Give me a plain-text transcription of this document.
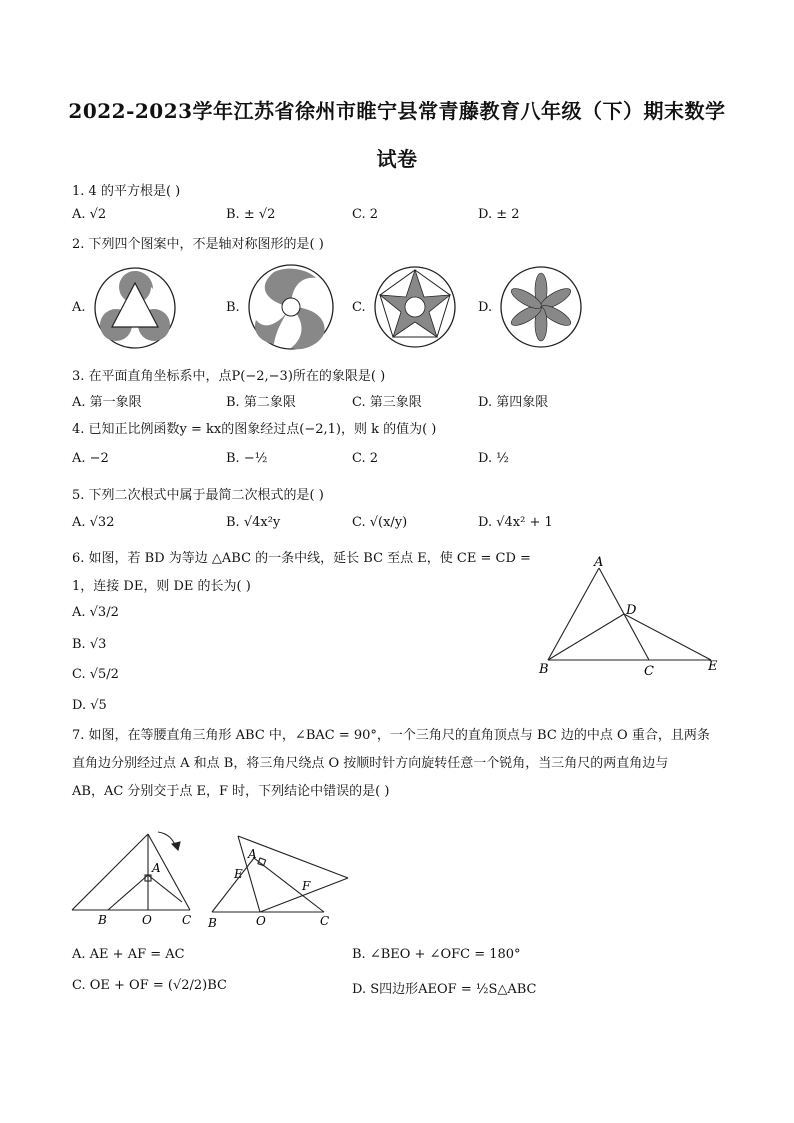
2022-2023学年江苏省徐州市睢宁县常青藤教育八年级（下）期末数学
试卷
1. 4 的平方根是( )
A. √2	B. ± √2	C. 2	D. ± 2
2. 下列四个图案中，不是轴对称图形的是( )
A.	B.	C.	D.
3. 在平面直角坐标系中，点P(−2,−3)所在的象限是( )
A. 第一象限	B. 第二象限	C. 第三象限	D. 第四象限
4. 已知正比例函数y = kx的图象经过点(−2,1)，则 k 的值为( )
A. −2	B. −½	C. 2	D. ½
5. 下列二次根式中属于最简二次根式的是( )
A. √32	B. √4x²y	C. √(x/y)	D. √4x² + 1
6. 如图，若 BD 为等边 △ABC 的一条中线，延长 BC 至点 E，使 CE = CD =
1，连接 DE，则 DE 的长为( )
A. √3/2
B. √3
C. √5/2
D. √5
A
D
B	C	E
7. 如图，在等腰直角三角形 ABC 中，∠BAC = 90°，一个三角尺的直角顶点与 BC 边的中点 O 重合，且两条
直角边分别经过点 A 和点 B，将三角尺绕点 O 按顺时针方向旋转任意一个锐角，当三角尺的两直角边与
AB，AC 分别交于点 E，F 时，下列结论中错误的是( )
A
B	O	C
A
E
F
B	O	C
A. AE + AF = AC	B. ∠BEO + ∠OFC = 180°
C. OE + OF = (√2/2)BC	D. S四边形AEOF = ½S△ABC
